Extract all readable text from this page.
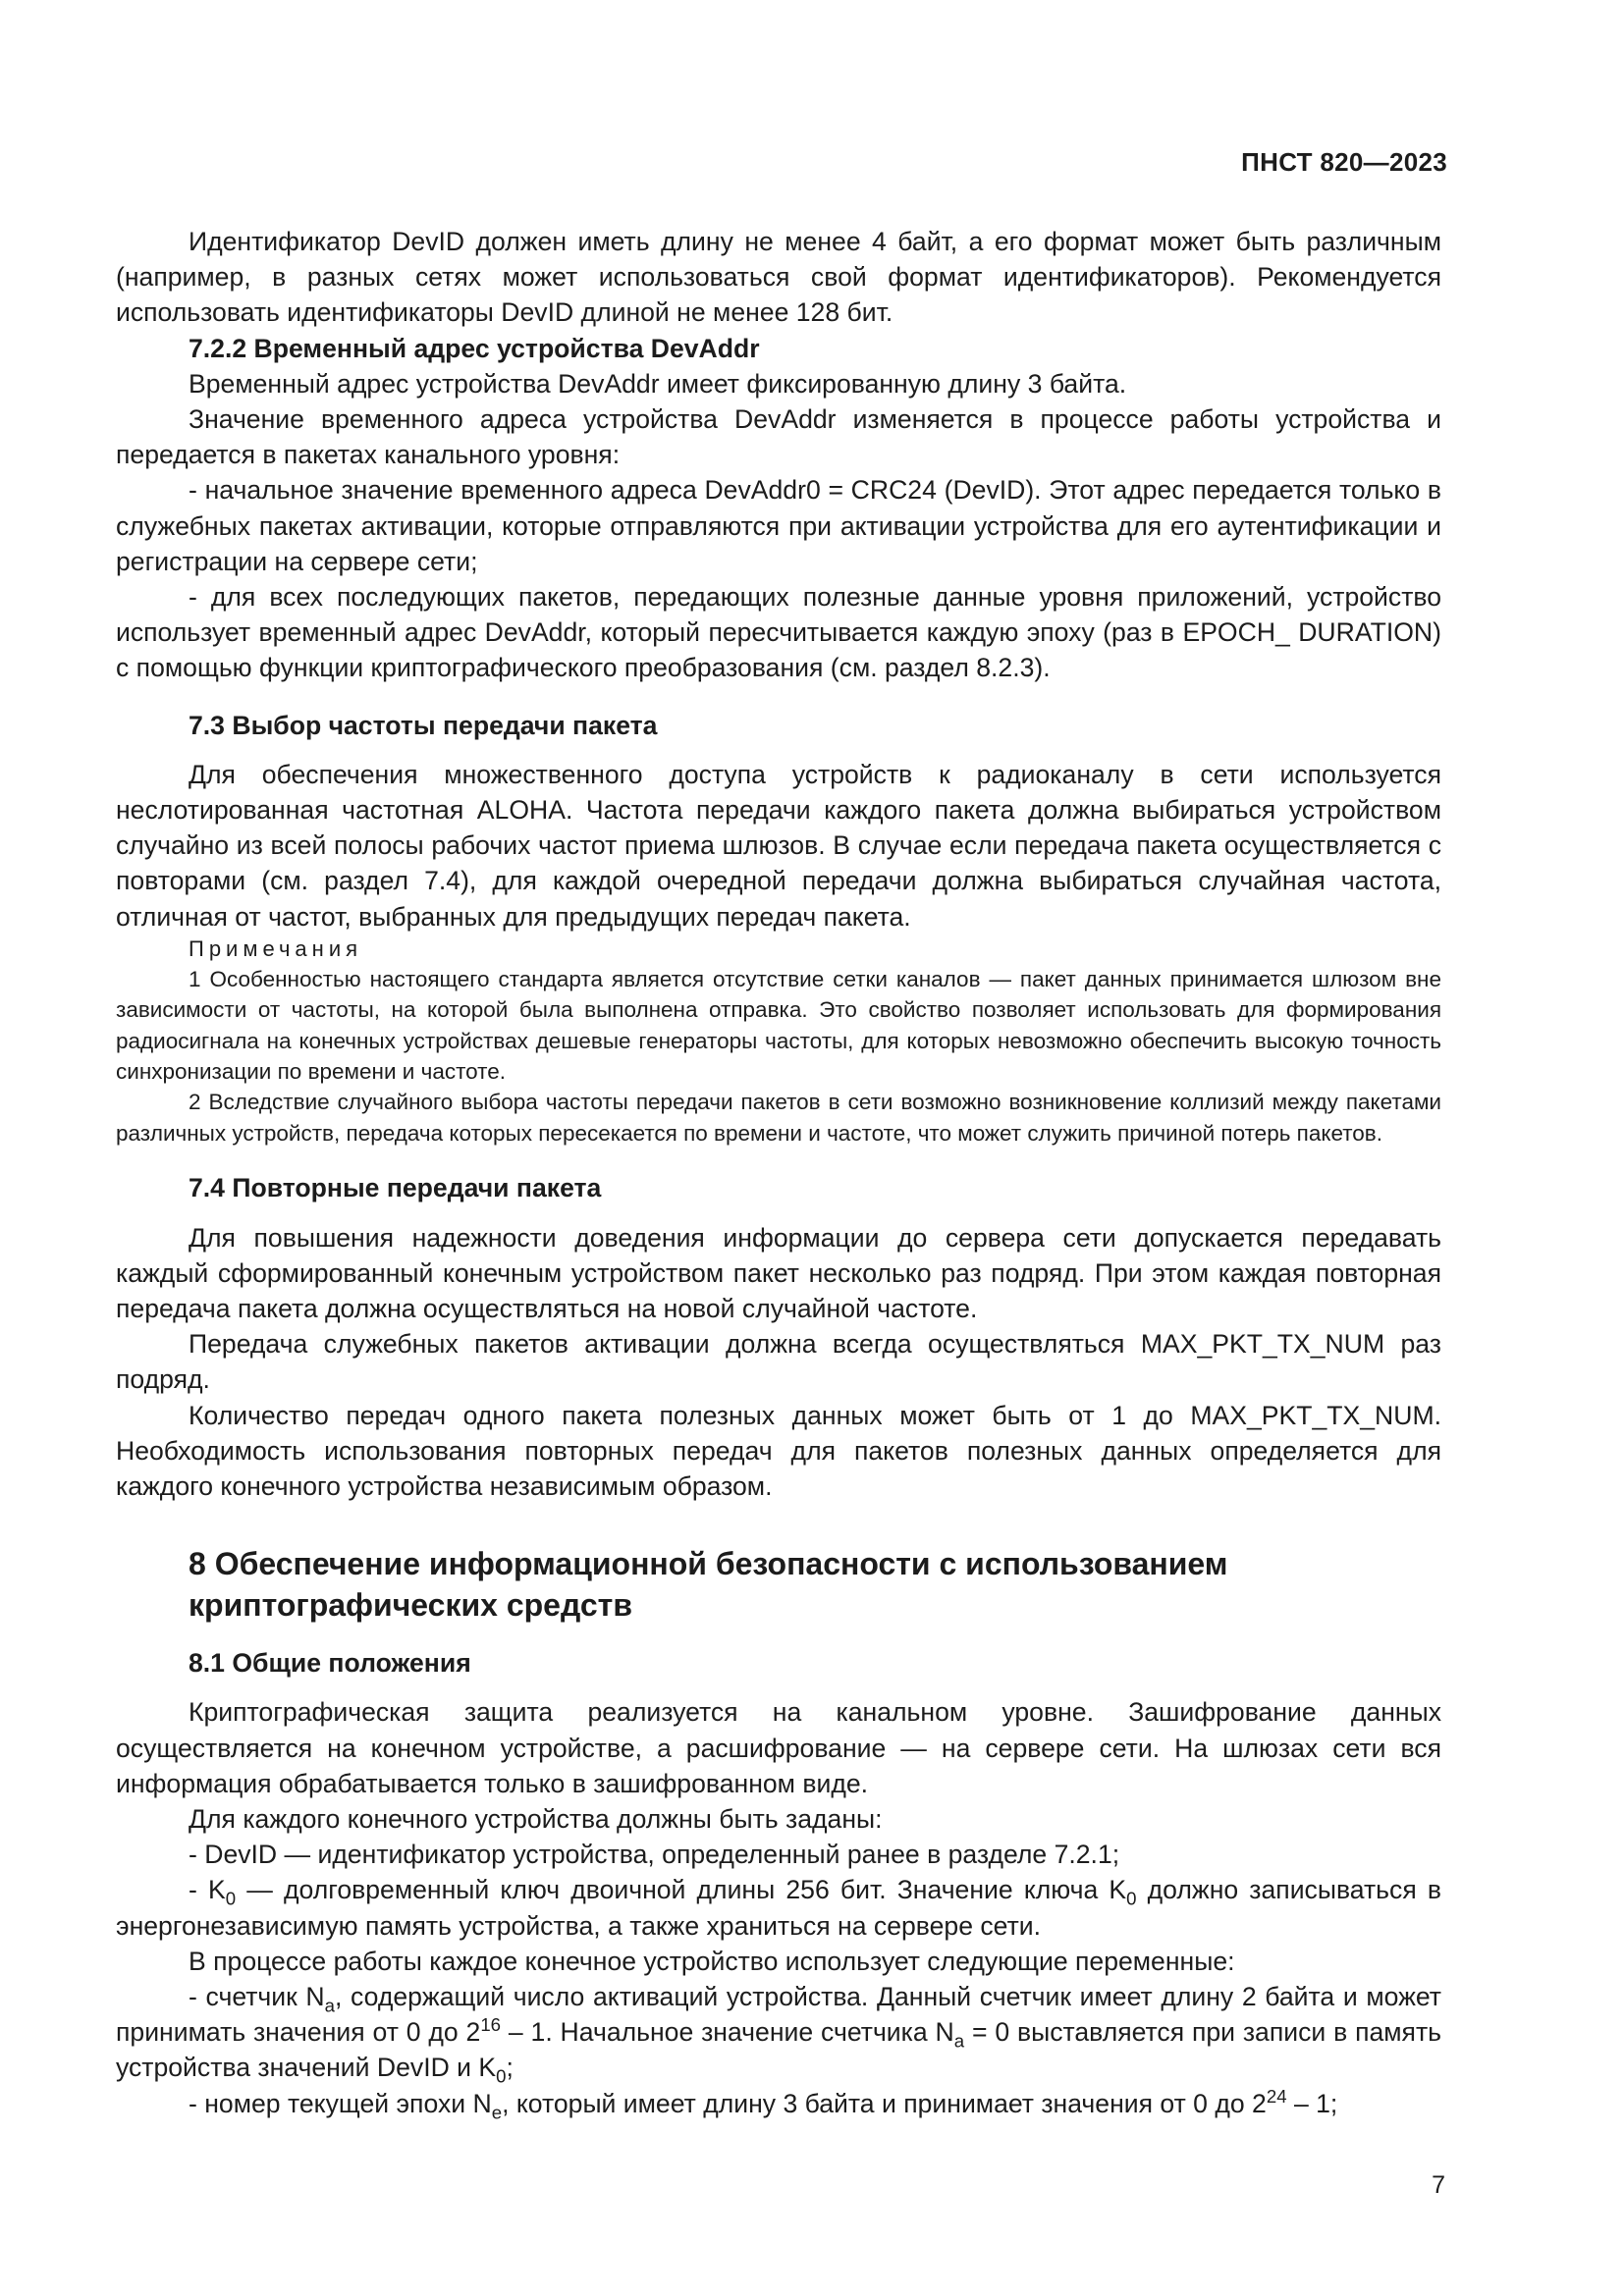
ПНСТ 820—2023

Идентификатор DevID должен иметь длину не менее 4 байт, а его формат может быть различным (например, в разных сетях может использоваться свой формат идентификаторов). Рекомендуется использовать идентификаторы DevID длиной не менее 128 бит.

7.2.2 Временный адрес устройства DevAddr

Временный адрес устройства DevAddr имеет фиксированную длину 3 байта.

Значение временного адреса устройства DevAddr изменяется в процессе работы устройства и передается в пакетах канального уровня:

- начальное значение временного адреса DevAddr0 = CRC24 (DevID). Этот адрес передается только в служебных пакетах активации, которые отправляются при активации устройства для его аутентификации и регистрации на сервере сети;

- для всех последующих пакетов, передающих полезные данные уровня приложений, устройство использует временный адрес DevAddr, который пересчитывается каждую эпоху (раз в EPOCH_ DURATION) с помощью функции криптографического преобразования (см. раздел 8.2.3).

7.3 Выбор частоты передачи пакета

Для обеспечения множественного доступа устройств к радиоканалу в сети используется неслотированная частотная ALOHA. Частота передачи каждого пакета должна выбираться устройством случайно из всей полосы рабочих частот приема шлюзов. В случае если передача пакета осуществляется с повторами (см. раздел 7.4), для каждой очередной передачи должна выбираться случайная частота, отличная от частот, выбранных для предыдущих передач пакета.

Примечания

1 Особенностью настоящего стандарта является отсутствие сетки каналов — пакет данных принимается шлюзом вне зависимости от частоты, на которой была выполнена отправка. Это свойство позволяет использовать для формирования радиосигнала на конечных устройствах дешевые генераторы частоты, для которых невозможно обеспечить высокую точность синхронизации по времени и частоте.

2 Вследствие случайного выбора частоты передачи пакетов в сети возможно возникновение коллизий между пакетами различных устройств, передача которых пересекается по времени и частоте, что может служить причиной потерь пакетов.

7.4 Повторные передачи пакета

Для повышения надежности доведения информации до сервера сети допускается передавать каждый сформированный конечным устройством пакет несколько раз подряд. При этом каждая повторная передача пакета должна осуществляться на новой случайной частоте.

Передача служебных пакетов активации должна всегда осуществляться MAX_PKT_TX_NUM раз подряд.

Количество передач одного пакета полезных данных может быть от 1 до MAX_PKT_TX_NUM. Необходимость использования повторных передач для пакетов полезных данных определяется для каждого конечного устройства независимым образом.

8 Обеспечение информационной безопасности с использованием криптографических средств

8.1 Общие положения

Криптографическая защита реализуется на канальном уровне. Зашифрование данных осуществляется на конечном устройстве, а расшифрование — на сервере сети. На шлюзах сети вся информация обрабатывается только в зашифрованном виде.

Для каждого конечного устройства должны быть заданы:

- DevID — идентификатор устройства, определенный ранее в разделе 7.2.1;

- $K_0$ — долговременный ключ двоичной длины 256 бит. Значение ключа $K_0$ должно записываться в энергонезависимую память устройства, а также храниться на сервере сети.

В процессе работы каждое конечное устройство использует следующие переменные:

- счетчик $N_a$, содержащий число активаций устройства. Данный счетчик имеет длину 2 байта и может принимать значения от 0 до $2^{16} - 1$. Начальное значение счетчика $N_a = 0$ выставляется при записи в память устройства значений DevID и $K_0$;

- номер текущей эпохи $N_e$, который имеет длину 3 байта и принимает значения от 0 до $2^{24} - 1$;

7
